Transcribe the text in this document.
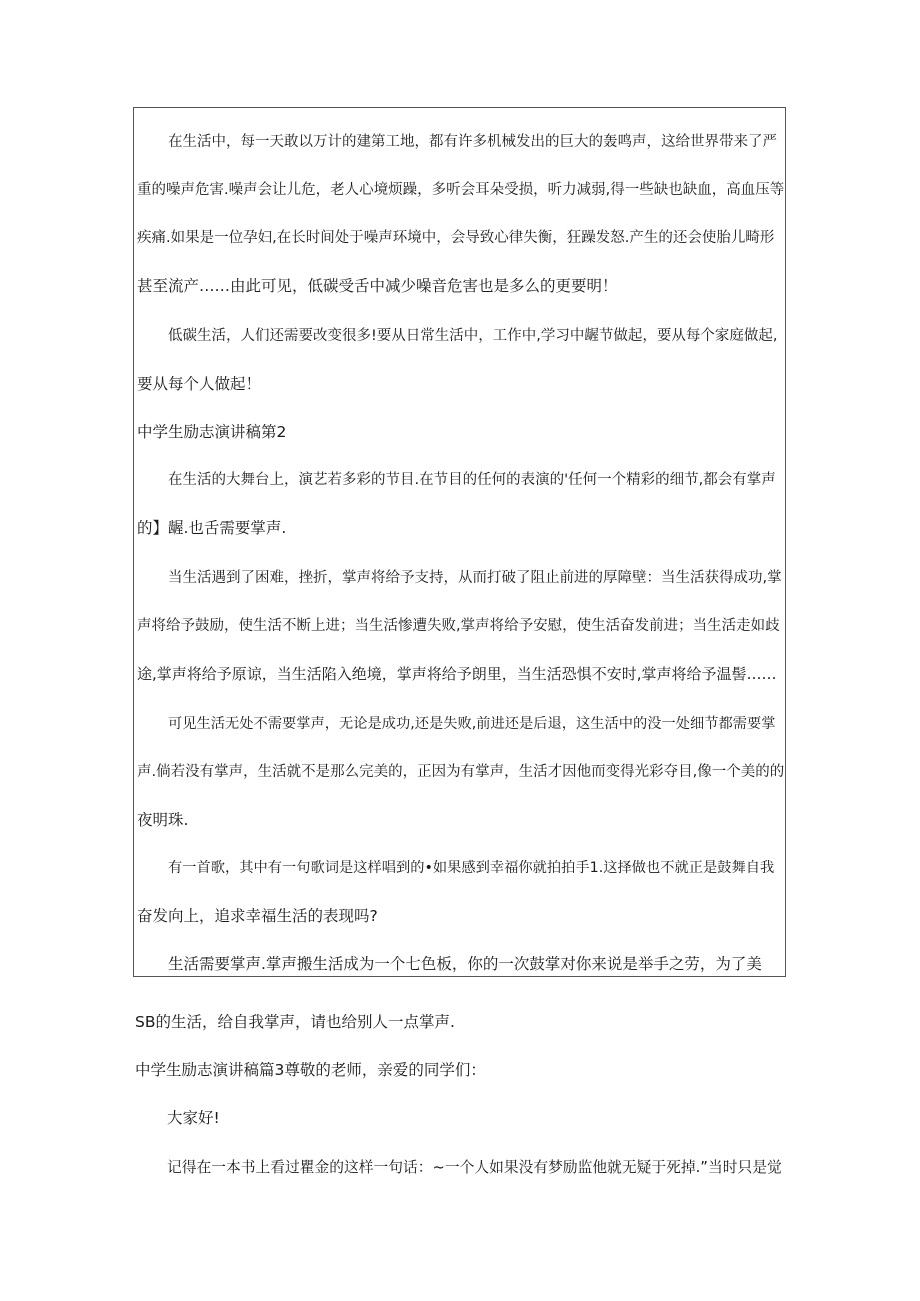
在生活中，每一天敢以万计的建第工地，都有许多机械发出的巨大的轰鸣声，这给世界带来了严

重的噪声危害.噪声会让儿危，老人心境烦躁，多听会耳朵受损，听力减弱,得一些缺也缺血，高血压等

疾痛.如果是一位孕妇,在长时间处于噪声环境中，会导致心律失衡，狂躁发怒.产生的还会使胎儿畸形

甚至流产……由此可见，低碳受舌中减少噪音危害也是多么的更要明！

低碳生活，人们还需要改变很多!要从日常生活中，工作中,学习中龌节做起，要从每个家庭做起,

要从每个人做起！

中学生励志演讲稿第2

在生活的大舞台上，演艺若多彩的节目.在节目的任何的表演的'任何一个精彩的细节,都会有掌声

的】龌.也舌需要掌声.

当生活遇到了困难，挫折，掌声将给予支持，从而打破了阻止前进的厚障壁：当生活获得成功,掌

声将给予鼓励，使生活不断上进；当生活惨遭失败,掌声将给予安慰，使生活奋发前进；当生活走如歧

途,掌声将给予原谅，当生活陷入绝境，掌声将给予朗里，当生活恐惧不安时,掌声将给予温髻……

可见生活无处不需要掌声，无论是成功,还是失败,前进还是后退，这生活中的没一处细节都需要掌

声.倘若没有掌声，生活就不是那么完美的，正因为有掌声，生活才因他而变得光彩夺目,像一个美的的

夜明珠.

有一首歌，其中有一句歌词是这样唱到的•如果感到幸福你就拍拍手1.这择做也不就正是鼓舞自我

奋发向上，追求幸福生活的表现吗?

生活需要掌声.掌声搬生活成为一个七色板，你的一次鼓掌对你来说是举手之劳，为了美

SB的生活，给自我掌声，请也给别人一点掌声.

中学生励志演讲稿篇3尊敬的老师，亲爱的同学们：

大家好!

记得在一本书上看过瞿金的这样一句话：~一个人如果没有梦励监他就无疑于死掉.”当时只是觉
